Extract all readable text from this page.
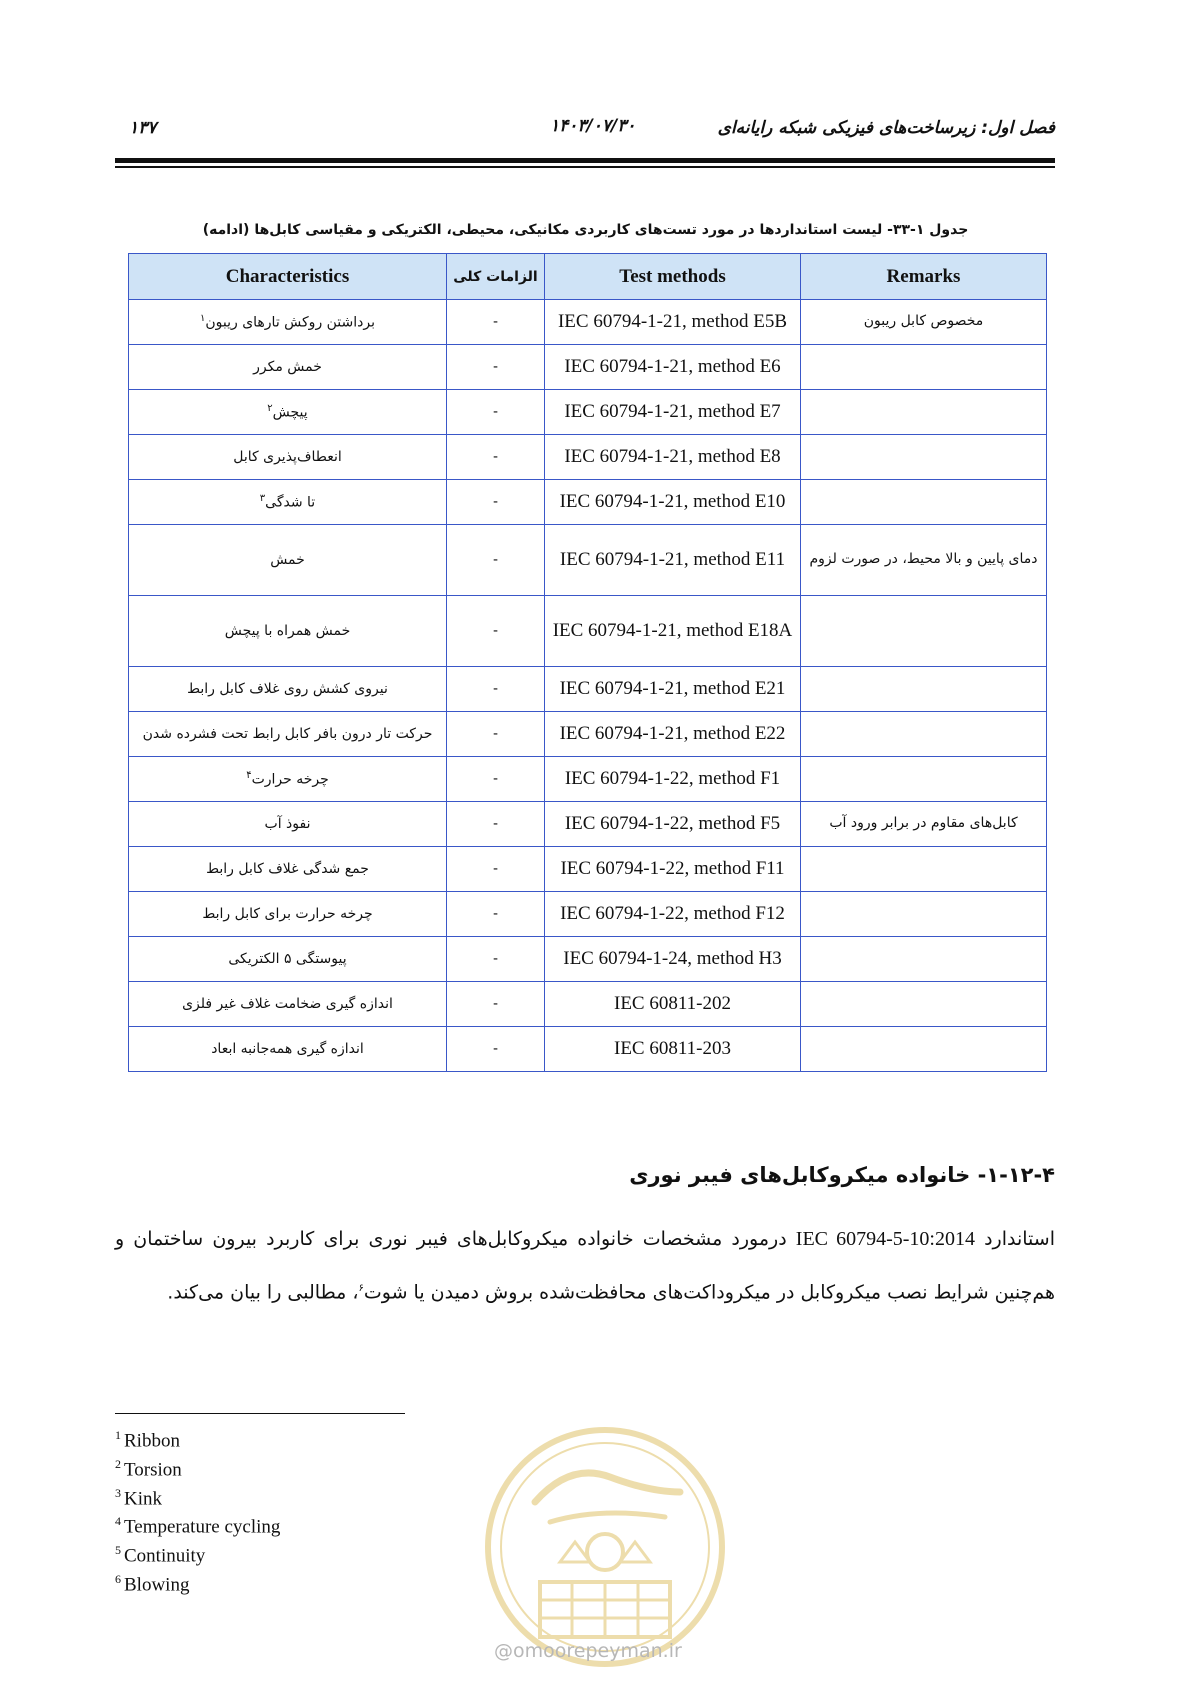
فصل اول: زیرساخت‌های فیزیکی شبکه رایانه‌ای
۱۴۰۳/۰۷/۳۰
۱۳۷
جدول ۱-۳۳- لیست استانداردها در مورد تست‌های کاربردی مکانیکی، محیطی، الکتریکی و مقیاسی کابل‌ها (ادامه)
Characteristics	الزامات کلی	Test methods	Remarks
برداشتن روکش تارهای ریبون$^۱$	-	IEC 60794-1-21, method E5B	مخصوص کابل ریبون
خمش مکرر	-	IEC 60794-1-21, method E6	
پیچش$^۲$	-	IEC 60794-1-21, method E7	
انعطاف‌پذیری کابل	-	IEC 60794-1-21, method E8	
تا شدگی$^۳$	-	IEC 60794-1-21, method E10	
خمش	-	IEC 60794-1-21, method E11	دمای پایین و بالا محیط، در صورت لزوم
خمش همراه با پیچش	-	IEC 60794-1-21, method E18A	
نیروی کشش روی غلاف کابل رابط	-	IEC 60794-1-21, method E21	
حرکت تار درون بافر کابل رابط تحت فشرده شدن	-	IEC 60794-1-21, method E22	
چرخه حرارت$^۴$	-	IEC 60794-1-22, method F1	
نفوذ آب	-	IEC 60794-1-22, method F5	کابل‌های مقاوم در برابر ورود آب
جمع شدگی غلاف کابل رابط	-	IEC 60794-1-22, method F11	
چرخه حرارت برای کابل رابط	-	IEC 60794-1-22, method F12	
پیوستگی ۵ الکتریکی	-	IEC 60794-1-24, method H3	
اندازه گیری ضخامت غلاف غیر فلزی	-	IEC 60811-202	
اندازه گیری همه‌جانبه ابعاد	-	IEC 60811-203	
۱-۱۲-۴- خانواده میکروکابل‌های فیبر نوری
استاندارد IEC 60794-5-10:2014 درمورد مشخصات خانواده میکروکابل‌های فیبر نوری برای کاربرد بیرون ساختمان و هم‌چنین شرایط نصب میکروکابل در میکروداکت‌های محافظت‌شده بروش دمیدن یا شوت$^۶$، مطالبی را بیان می‌کند.
$^1$ Ribbon
$^2$ Torsion
$^3$ Kink
$^4$ Temperature cycling
$^5$ Continuity
$^6$ Blowing
@omoorepeyman.ir
